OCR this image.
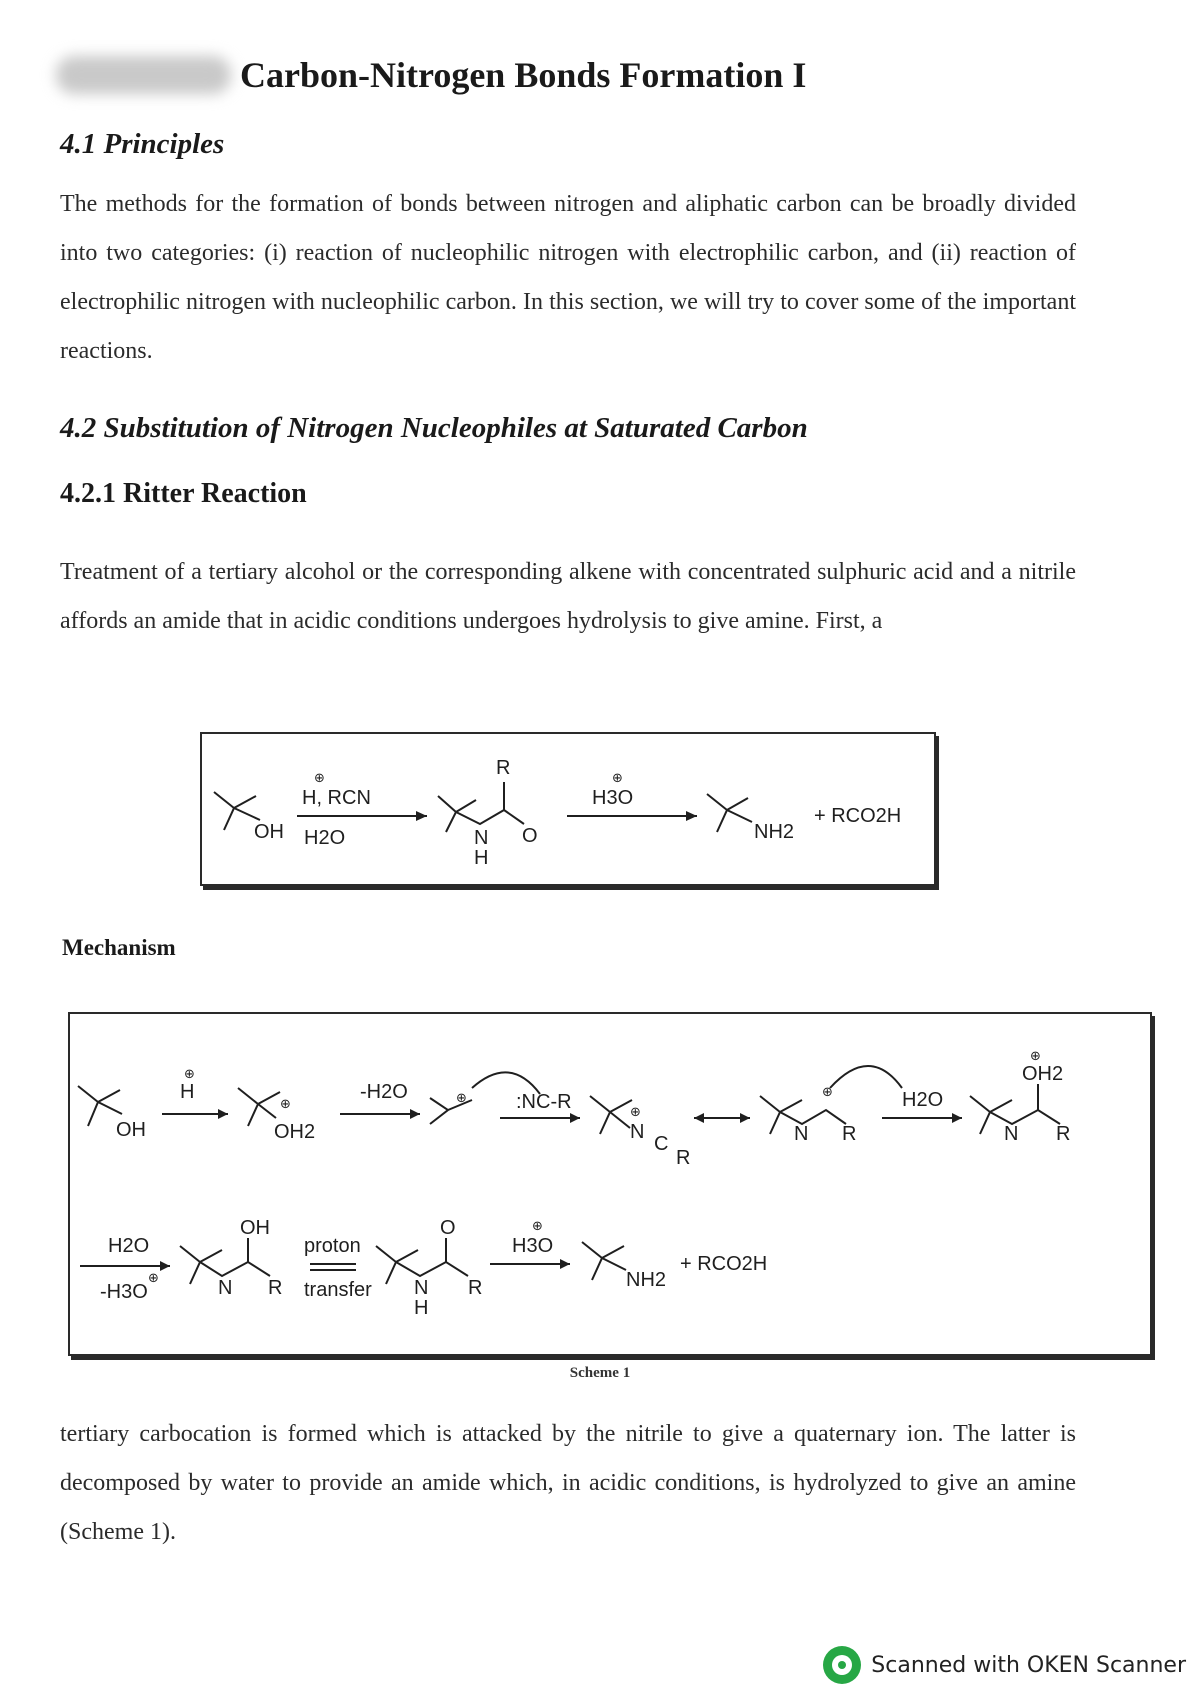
Carbon-Nitrogen Bonds Formation I
4.1 Principles
The methods for the formation of bonds between nitrogen and aliphatic carbon can be broadly divided into two categories: (i) reaction of nucleophilic nitrogen with electrophilic carbon, and (ii) reaction of electrophilic nitrogen with nucleophilic carbon. In this section, we will try to cover some of the important reactions.
4.2 Substitution of Nitrogen Nucleophiles at Saturated Carbon
4.2.1 Ritter Reaction
Treatment of a tertiary alcohol or the corresponding alkene with concentrated sulphuric acid and a nitrile affords an amide that in acidic conditions undergoes hydrolysis to give amine. First, a
OH
⊕
H, RCN
H2O
R
N
H
O
⊕
H3O
NH2
+ RCO2H
Mechanism
OH
⊕
H
⊕
OH2
-H2O	⊕ :NC-R	⊕
N
C
R
N
⊕
R
H2O
N R
⊕
OH2
H2O
⊕
-H3O
OH
N R
proton
transfer
O
N
H
R
⊕
H3O
NH2
+ RCO2H
Scheme 1
tertiary carbocation is formed which is attacked by the nitrile to give a quaternary ion. The latter is decomposed by water to provide an amide which, in acidic conditions, is hydrolyzed to give an amine (Scheme 1).
Scanned with OKEN Scanner
